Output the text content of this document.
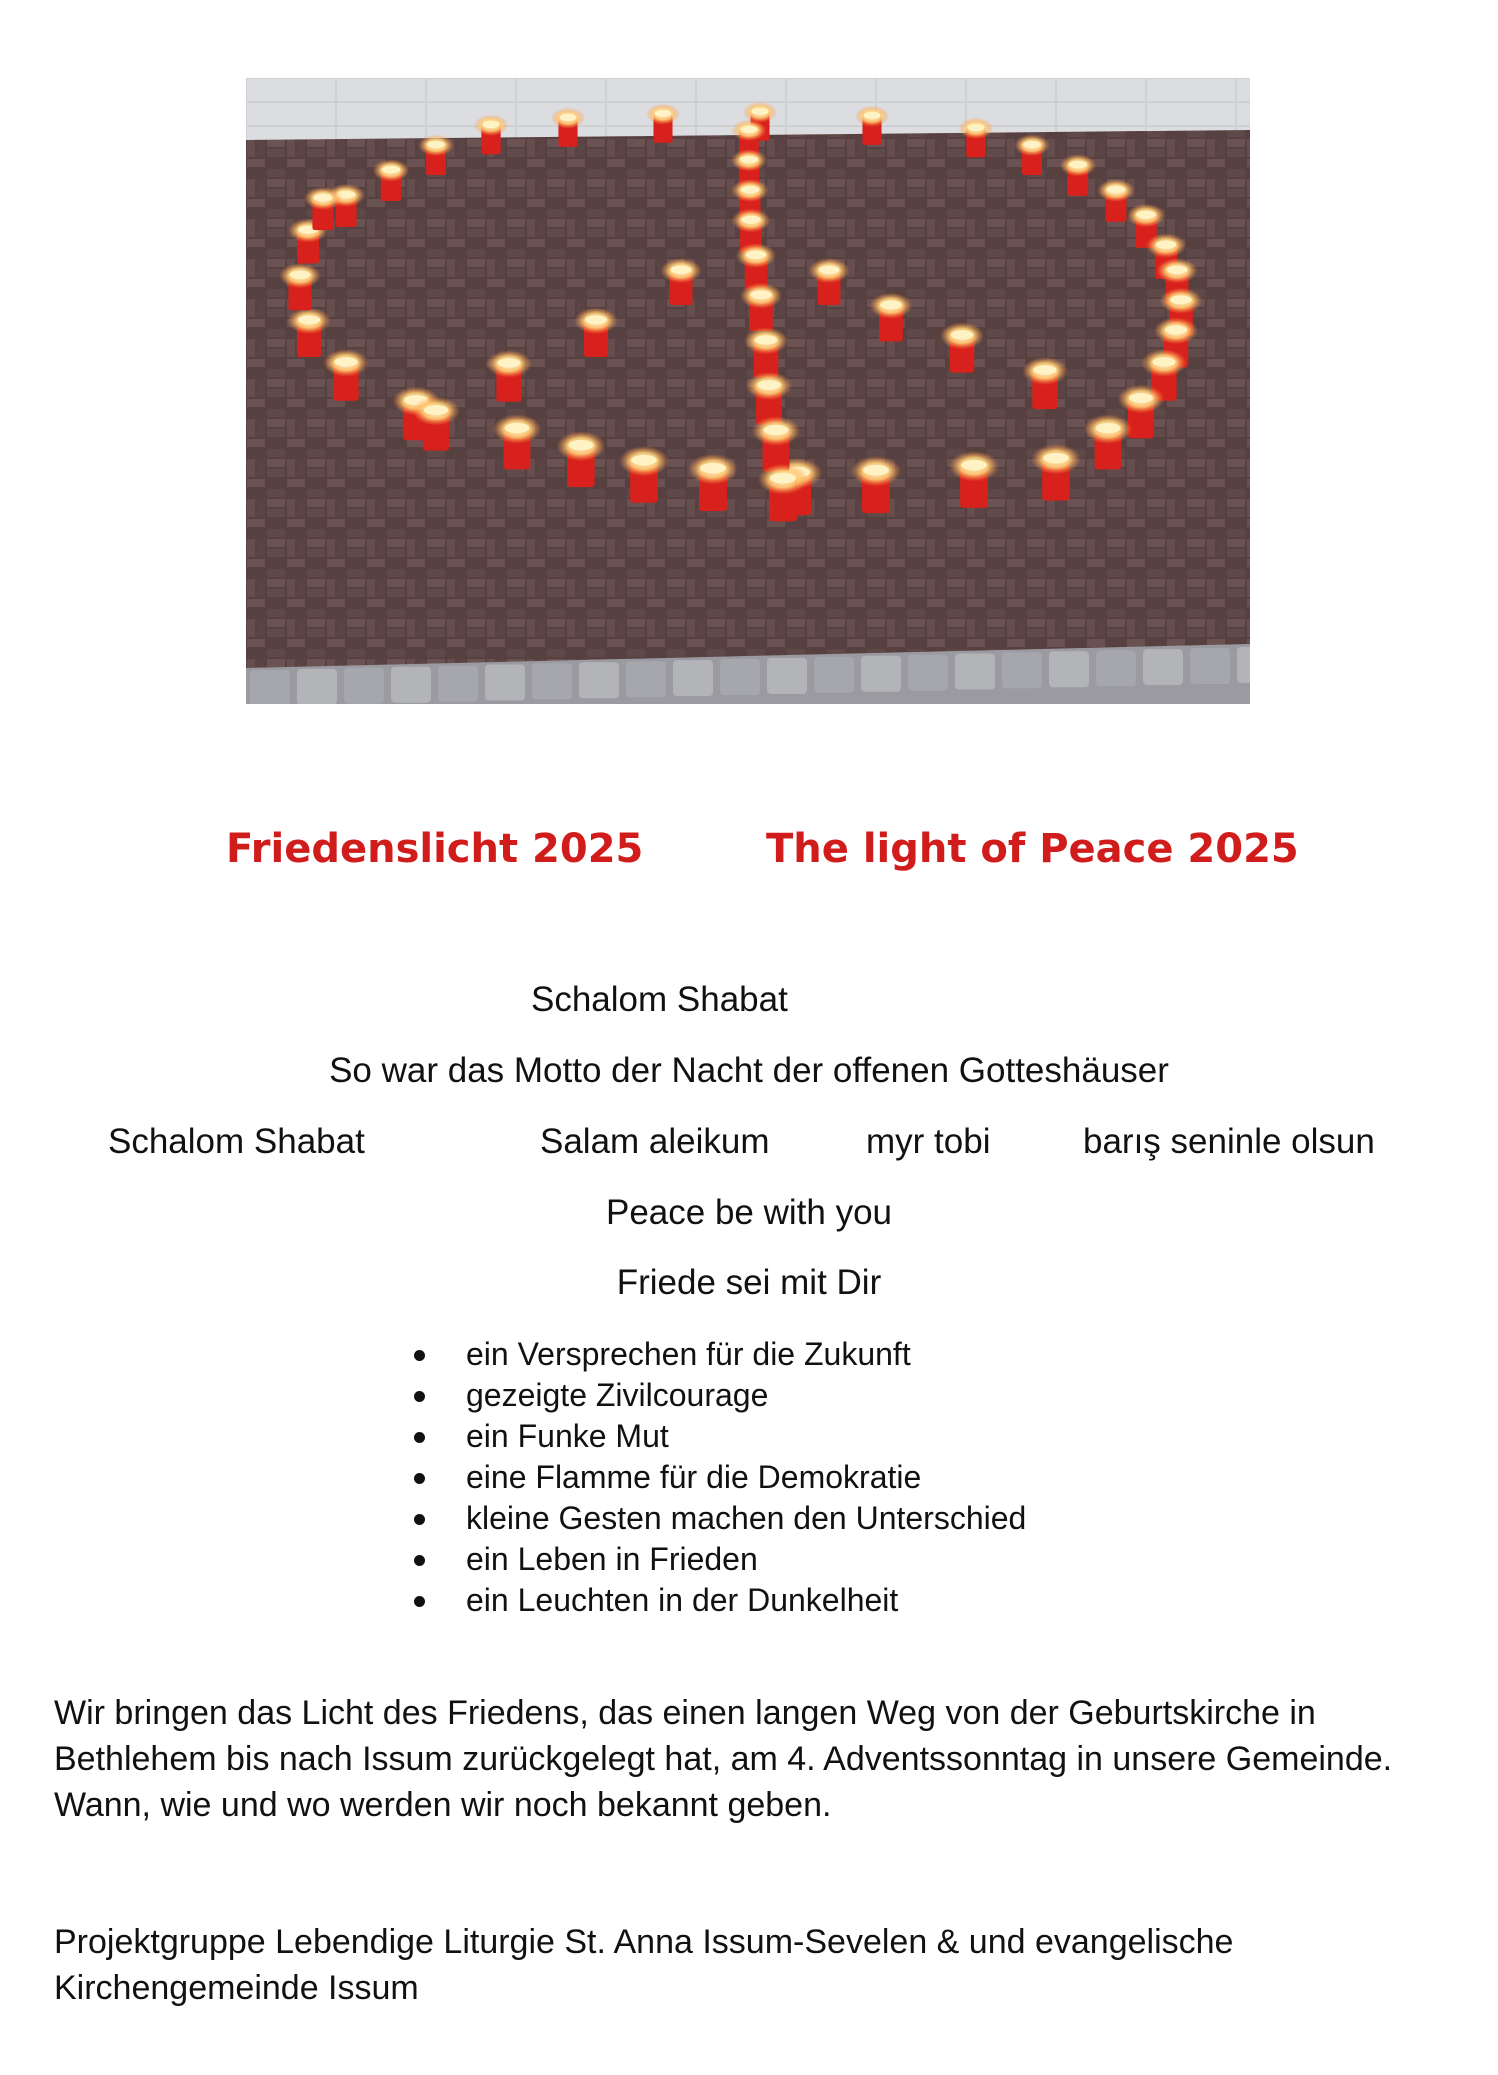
Friedenslicht 2025	The light of Peace 2025
Schalom Shabat
So war das Motto der Nacht der offenen Gotteshäuser
Schalom Shabat	Salam aleikum	myr tobi	barış seninle olsun
Peace be with you
Friede sei mit Dir
ein Versprechen für die Zukunft
gezeigte Zivilcourage
ein Funke Mut
eine Flamme für die Demokratie
kleine Gesten machen den Unterschied
ein Leben in Frieden
ein Leuchten in der Dunkelheit

Wir bringen das Licht des Friedens, das einen langen Weg von der Geburtskirche in Bethlehem bis nach Issum zurückgelegt hat, am 4. Adventssonntag in unsere Gemeinde. Wann, wie und wo werden wir noch bekannt geben.

Projektgruppe Lebendige Liturgie St. Anna Issum-Sevelen & und evangelische Kirchengemeinde Issum
